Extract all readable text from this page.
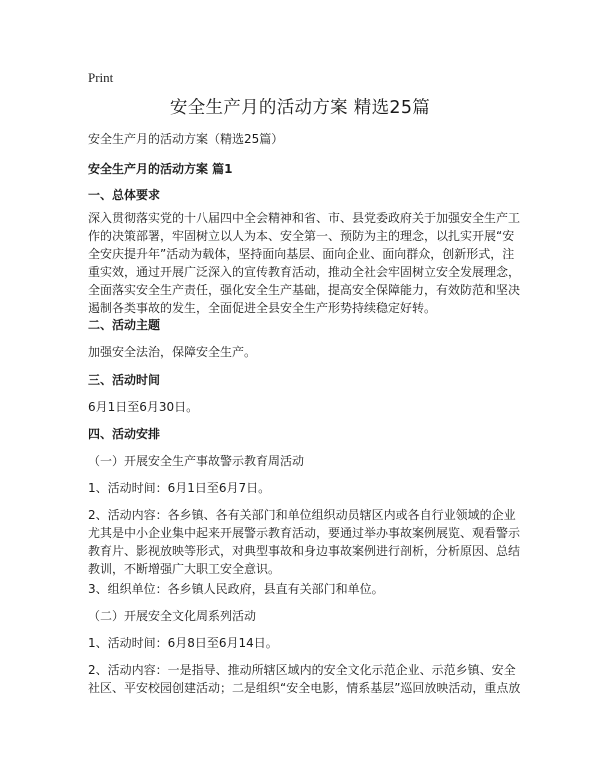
Print
安全生产月的活动方案 精选25篇

安全生产月的活动方案（精选25篇）

安全生产月的活动方案 篇1

一、总体要求

深入贯彻落实党的十八届四中全会精神和省、市、县党委政府关于加强安全生产工
作的决策部署，牢固树立以人为本、安全第一、预防为主的理念，以扎实开展“安
全安庆提升年”活动为载体，坚持面向基层、面向企业、面向群众，创新形式，注
重实效，通过开展广泛深入的宣传教育活动，推动全社会牢固树立安全发展理念，
全面落实安全生产责任，强化安全生产基础，提高安全保障能力，有效防范和坚决
遏制各类事故的发生，全面促进全县安全生产形势持续稳定好转。

二、活动主题

加强安全法治，保障安全生产。

三、活动时间

6月1日至6月30日。

四、活动安排

（一）开展安全生产事故警示教育周活动

1、活动时间：6月1日至6月7日。

2、活动内容：各乡镇、各有关部门和单位组织动员辖区内或各自行业领域的企业
尤其是中小企业集中起来开展警示教育活动，要通过举办事故案例展览、观看警示
教育片、影视放映等形式，对典型事故和身边事故案例进行剖析，分析原因、总结
教训，不断增强广大职工安全意识。

3、组织单位：各乡镇人民政府，县直有关部门和单位。

（二）开展安全文化周系列活动

1、活动时间：6月8日至6月14日。

2、活动内容：一是指导、推动所辖区域内的安全文化示范企业、示范乡镇、安全
社区、平安校园创建活动；二是组织“安全电影，情系基层”巡回放映活动，重点放
